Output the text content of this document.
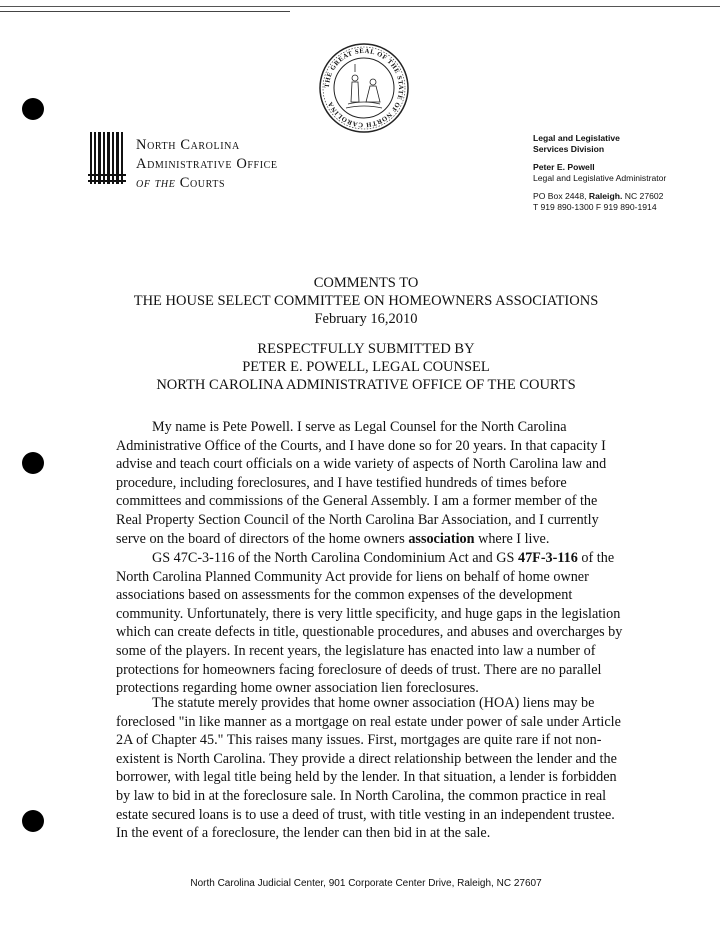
THE GREAT SEAL OF THE STATE OF NORTH CAROLINA
North Carolina
Administrative Office
of the Courts
Legal and Legislative
Services Division
Peter E. Powell
Legal and Legislative Administrator
PO Box 2448, Raleigh. NC 27602
T 919 890-1300 F 919 890-1914
COMMENTS TO
THE HOUSE SELECT COMMITTEE ON HOMEOWNERS ASSOCIATIONS
February 16,2010
RESPECTFULLY SUBMITTED BY
PETER E. POWELL, LEGAL COUNSEL
NORTH CAROLINA ADMINISTRATIVE OFFICE OF THE COURTS

My name is Pete Powell. I serve as Legal Counsel for the North Carolina Administrative Office of the Courts, and I have done so for 20 years. In that capacity I advise and teach court officials on a wide variety of aspects of North Carolina law and procedure, including foreclosures, and I have testified hundreds of times before committees and commissions of the General Assembly. I am a former member of the Real Property Section Council of the North Carolina Bar Association, and I currently serve on the board of directors of the home owners association where I live.

GS 47C-3-116 of the North Carolina Condominium Act and GS 47F-3-116 of the North Carolina Planned Community Act provide for liens on behalf of home owner associations based on assessments for the common expenses of the development community. Unfortunately, there is very little specificity, and huge gaps in the legislation which can create defects in title, questionable procedures, and abuses and overcharges by some of the players. In recent years, the legislature has enacted into law a number of protections for homeowners facing foreclosure of deeds of trust. There are no parallel protections regarding home owner association lien foreclosures.

The statute merely provides that home owner association (HOA) liens may be foreclosed "in like manner as a mortgage on real estate under power of sale under Article 2A of Chapter 45." This raises many issues. First, mortgages are quite rare if not non-existent is North Carolina. They provide a direct relationship between the lender and the borrower, with legal title being held by the lender. In that situation, a lender is forbidden by law to bid in at the foreclosure sale. In North Carolina, the common practice in real estate secured loans is to use a deed of trust, with title vesting in an independent trustee. In the event of a foreclosure, the lender can then bid in at the sale.

North Carolina Judicial Center, 901 Corporate Center Drive, Raleigh, NC 27607
